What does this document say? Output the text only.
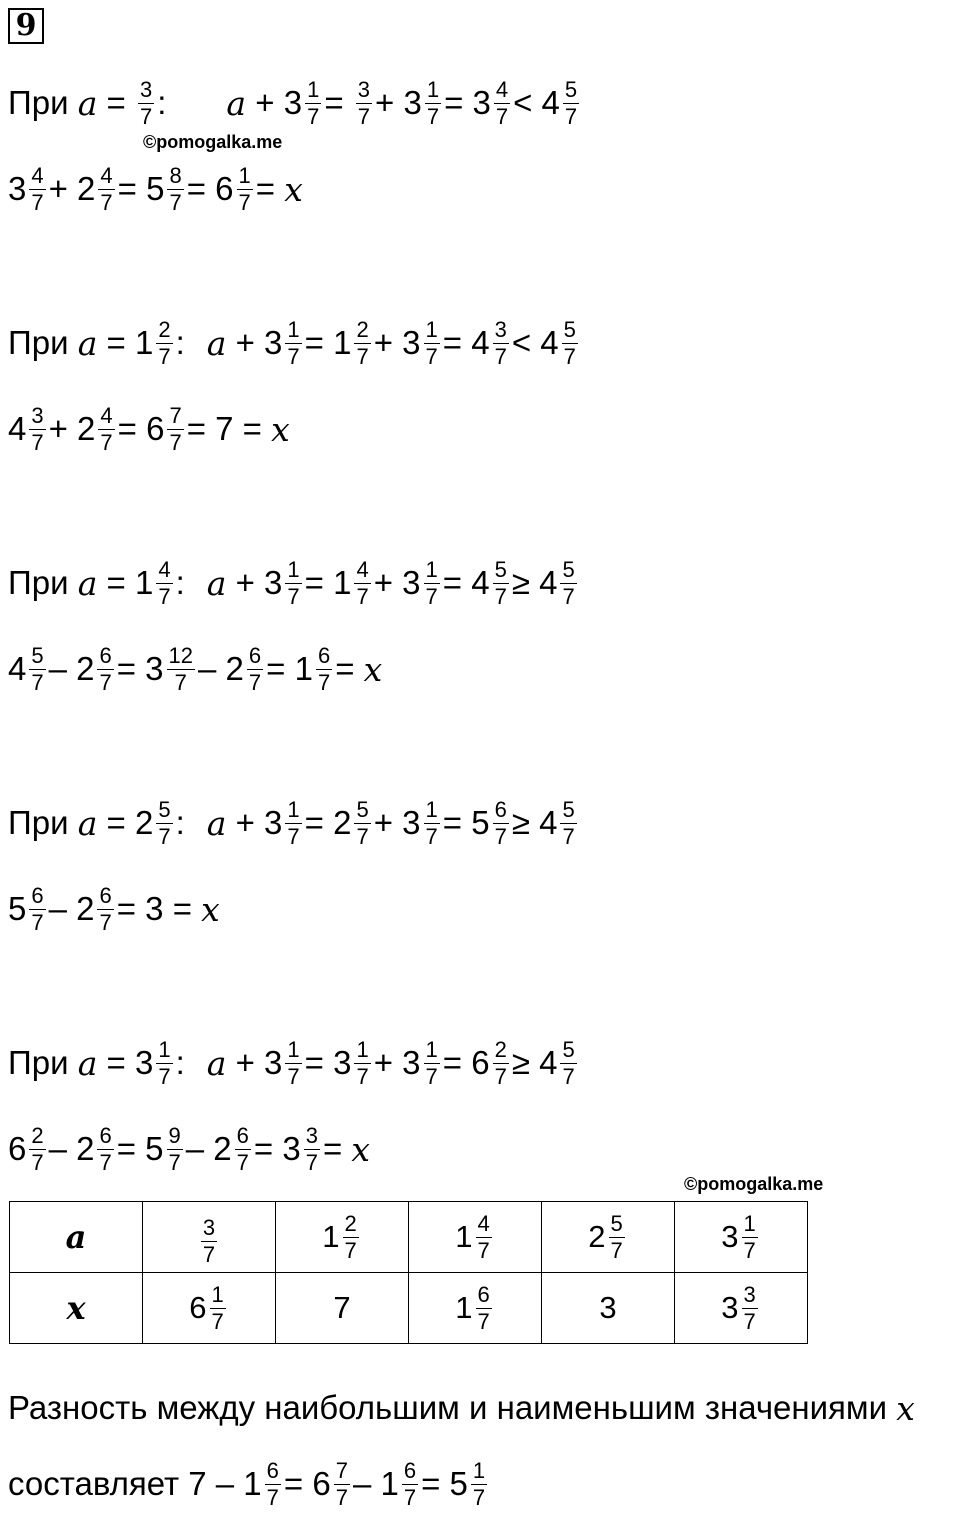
9
©pomogalka.me
©pomogalka.me
При $a = \frac{3}{7}$ : $a + 3 \frac{1}{7} = \frac{3}{7} + 3 \frac{1}{7} = 3 \frac{4}{7} < 4 \frac{5}{7}$
$3 \frac{4}{7} + 2 \frac{4}{7} = 5 \frac{8}{7} = 6 \frac{1}{7} = x$
При $a = 1 \frac{2}{7}$ : $a + 3 \frac{1}{7} = 1 \frac{2}{7} + 3 \frac{1}{7} = 4 \frac{3}{7} < 4 \frac{5}{7}$
$4 \frac{3}{7} + 2 \frac{4}{7} = 6 \frac{7}{7} = 7 = x$
При $a = 1 \frac{4}{7}$ : $a + 3 \frac{1}{7} = 1 \frac{4}{7} + 3 \frac{1}{7} = 4 \frac{5}{7} \ge 4 \frac{5}{7}$
$4 \frac{5}{7} - 2 \frac{6}{7} = 3 \frac{12}{7} - 2 \frac{6}{7} = 1 \frac{6}{7} = x$
При $a = 2 \frac{5}{7}$ : $a + 3 \frac{1}{7} = 2 \frac{5}{7} + 3 \frac{1}{7} = 5 \frac{6}{7} \ge 4 \frac{5}{7}$
$5 \frac{6}{7} - 2 \frac{6}{7} = 3 = x$
При $a = 3 \frac{1}{7}$ : $a + 3 \frac{1}{7} = 3 \frac{1}{7} + 3 \frac{1}{7} = 6 \frac{2}{7} \ge 4 \frac{5}{7}$
$6 \frac{2}{7} - 2 \frac{6}{7} = 5 \frac{9}{7} - 2 \frac{6}{7} = 3 \frac{3}{7} = x$
a	$\frac{3}{7}$	$1 \frac{2}{7}$	$1 \frac{4}{7}$	$2 \frac{5}{7}$	$3 \frac{1}{7}$

x	$6 \frac{1}{7}$	7	$1 \frac{6}{7}$	3	$3 \frac{3}{7}$
Разность между наибольшим и наименьшим значениями x
составляет $7 - 1 \frac{6}{7} = 6 \frac{7}{7} - 1 \frac{6}{7} = 5 \frac{1}{7}$
